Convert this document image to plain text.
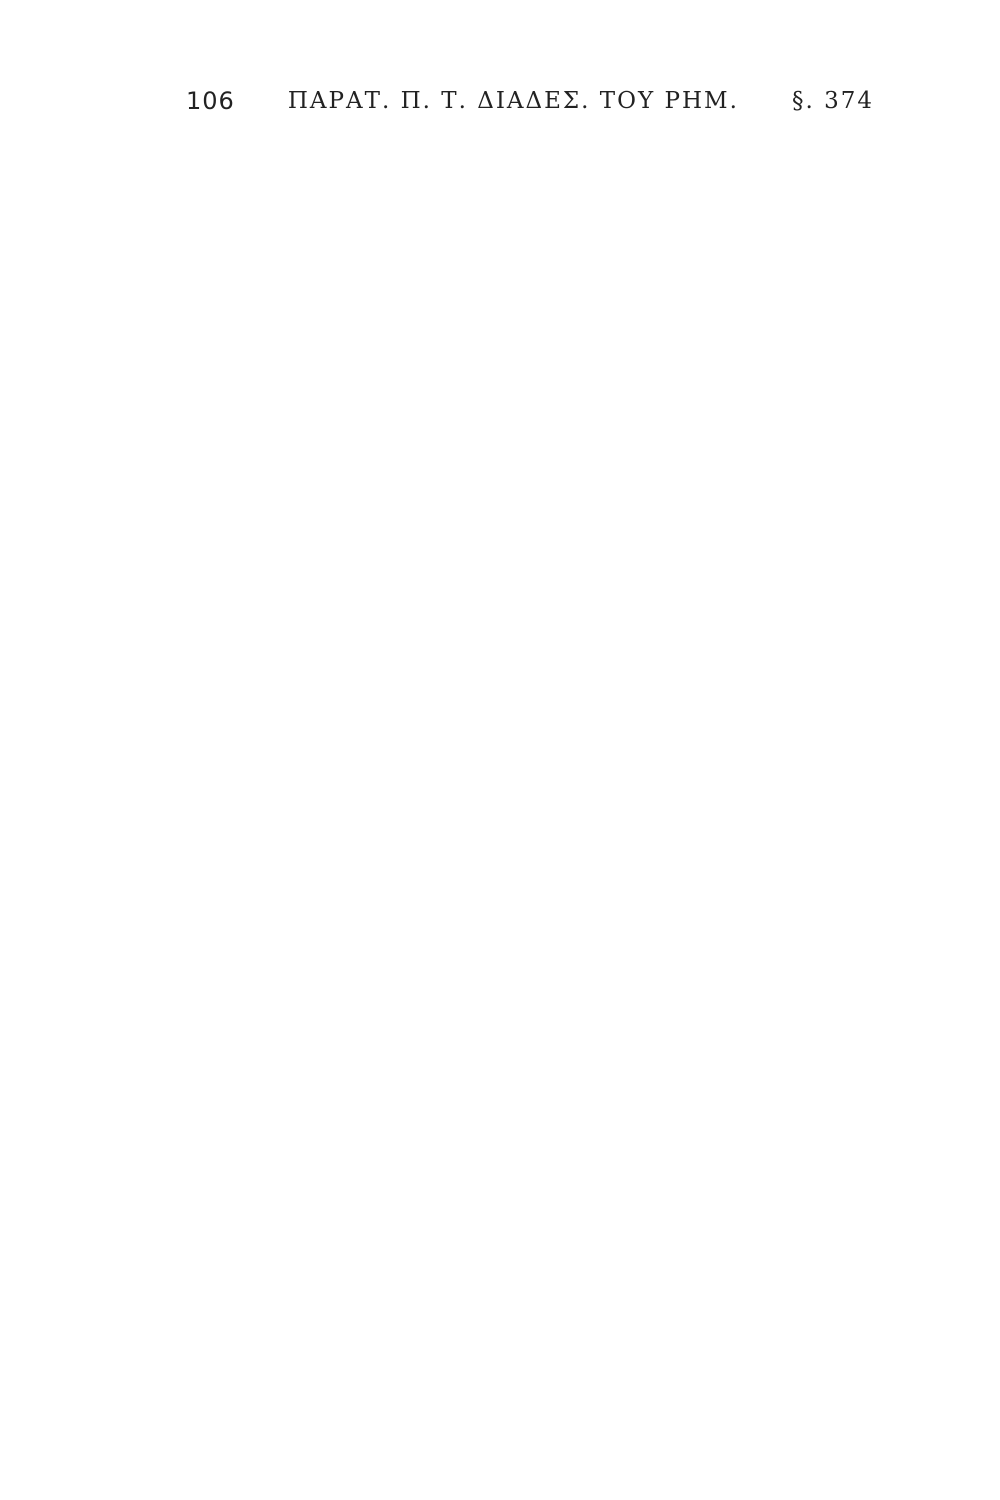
106 ΠΑΡΑΤ. Π. Τ. ΔΙΑΔΕΣ. ΤΟΥ ΡΗΜ. §. 374
